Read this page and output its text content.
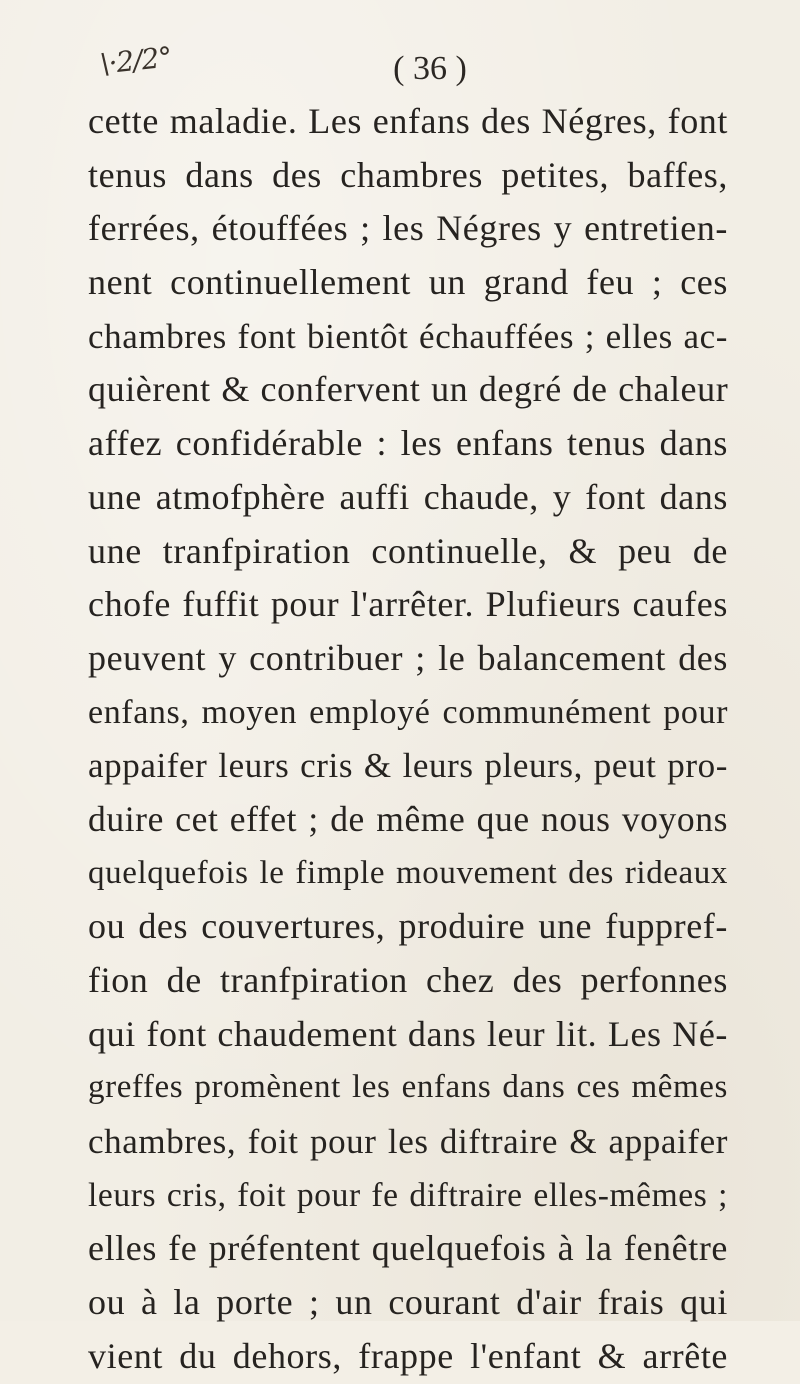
\·2/2°	( 36 )
cette maladie. Les enfans des Négres, font
tenus dans des chambres petites, baffes,
ferrées, étouffées ; les Négres y entretien-
nent continuellement un grand feu ; ces
chambres font bientôt échauffées ; elles ac-
quièrent & confervent un degré de chaleur
affez confidérable : les enfans tenus dans
une atmofphère auffi chaude, y font dans
une tranfpiration continuelle, & peu de
chofe fuffit pour l'arrêter. Plufieurs caufes
peuvent y contribuer ; le balancement des
enfans, moyen employé communément pour
appaifer leurs cris & leurs pleurs, peut pro-
duire cet effet ; de même que nous voyons
quelquefois le fimple mouvement des rideaux
ou des couvertures, produire une fuppref-
fion de tranfpiration chez des perfonnes
qui font chaudement dans leur lit. Les Né-
greffes promènent les enfans dans ces mêmes
chambres, foit pour les diftraire & appaifer
leurs cris, foit pour fe diftraire elles-mêmes ;
elles fe préfentent quelquefois à la fenêtre
ou à la porte ; un courant d'air frais qui
vient du dehors, frappe l'enfant & arrête
